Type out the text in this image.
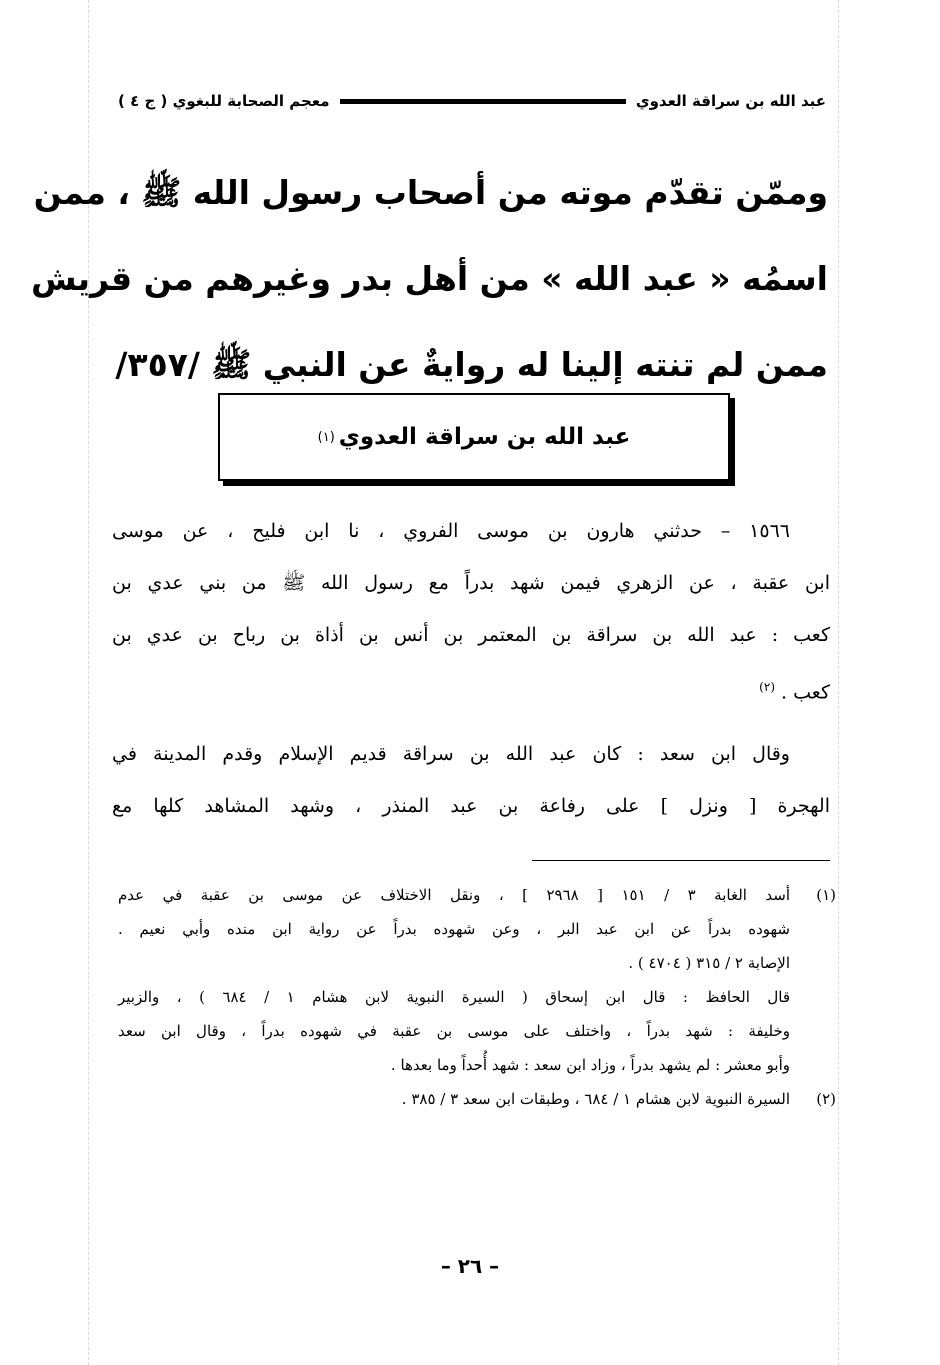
عبد الله بن سراقة العدوي
معجم الصحابة للبغوي ( ج ٤ )
وممّن تقدّم موته من أصحاب رسول الله ﷺ ، ممن
اسمُه « عبد الله » من أهل بدر وغيرهم من قريش
ممن لم تنته إلينا له روايةٌ عن النبي ﷺ /٣٥٧/
عبد الله بن سراقة العدوي
(١)
١٥٦٦ – حدثني هارون بن موسى الفروي ، نا ابن فليح ، عن موسى
ابن عقبة ، عن الزهري فيمن شهد بدراً مع رسول الله ﷺ من بني عدي بن
كعب : عبد الله بن سراقة بن المعتمر بن أنس بن أذاة بن رباح بن عدي بن
كعب . $^{(٢)}$
وقال ابن سعد : كان عبد الله بن سراقة قديم الإسلام وقدم المدينة في
الهجرة [ ونزل ] على رفاعة بن عبد المنذر ، وشهد المشاهد كلها مع
(١)
أسد الغابة ٣ / ١٥١ [ ٢٩٦٨ ] ، ونقل الاختلاف عن موسى بن عقبة في عدم
شهوده بدراً عن ابن عبد البر ، وعن شهوده بدراً عن رواية ابن منده وأبي نعيم .
الإصابة ٢ / ٣١٥ ( ٤٧٠٤ ) .
قال الحافظ : قال ابن إسحاق ( السيرة النبوية لابن هشام ١ / ٦٨٤ ) ، والزبير
وخليفة : شهد بدراً ، واختلف على موسى بن عقبة في شهوده بدراً ، وقال ابن سعد
وأبو معشر : لم يشهد بدراً ، وزاد ابن سعد : شهد أُحداً وما بعدها .
(٢)
السيرة النبوية لابن هشام ١ / ٦٨٤ ، وطبقات ابن سعد ٣ / ٣٨٥ .
– ٢٦ –
